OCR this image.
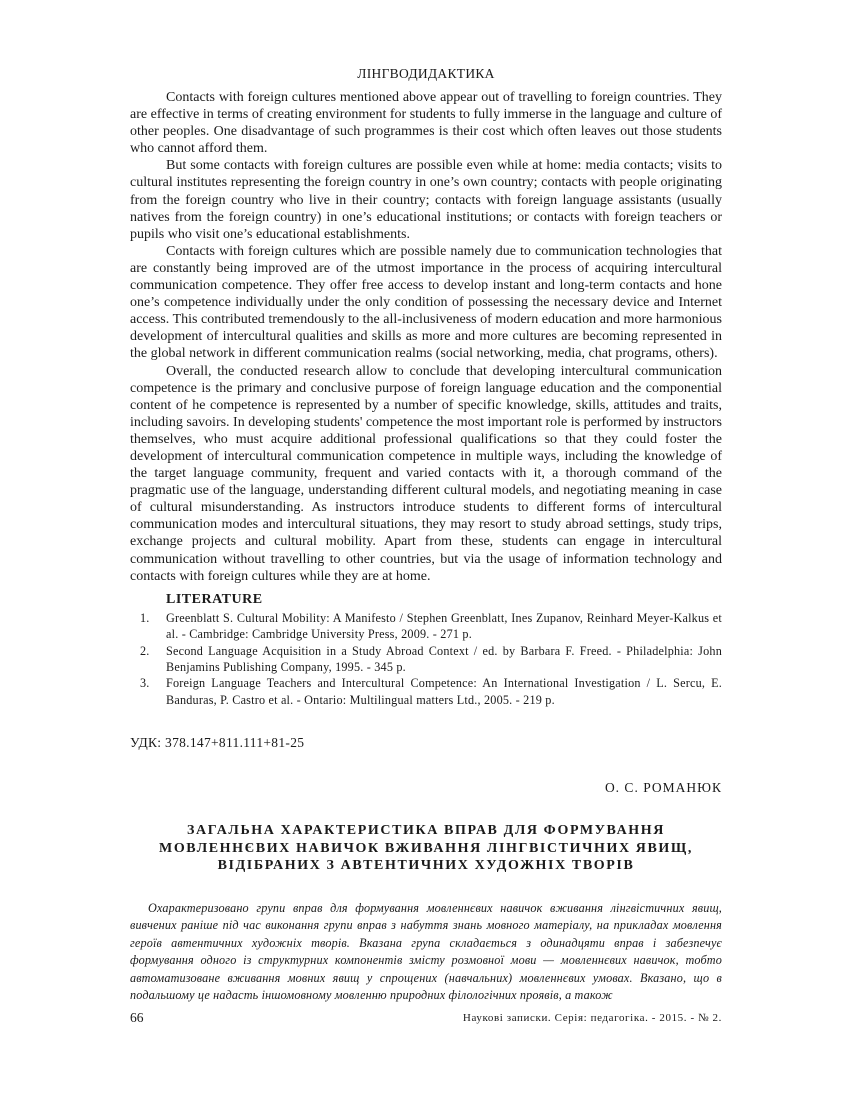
ЛІНГВОДИДАКТИКА

Contacts with foreign cultures mentioned above appear out of travelling to foreign countries. They are effective in terms of creating environment for students to fully immerse in the language and culture of other peoples. One disadvantage of such programmes is their cost which often leaves out those students who cannot afford them.

But some contacts with foreign cultures are possible even while at home: media contacts; visits to cultural institutes representing the foreign country in one’s own country; contacts with people originating from the foreign country who live in their country; contacts with foreign language assistants (usually natives from the foreign country) in one’s educational institutions; or contacts with foreign teachers or pupils who visit one’s educational establishments.

Contacts with foreign cultures which are possible namely due to communication technologies that are constantly being improved are of the utmost importance in the process of acquiring intercultural communication competence. They offer free access to develop instant and long-term contacts and hone one’s competence individually under the only condition of possessing the necessary device and Internet access. This contributed tremendously to the all-inclusiveness of modern education and more harmonious development of intercultural qualities and skills as more and more cultures are becoming represented in the global network in different communication realms (social networking, media, chat programs, others).

Overall, the conducted research allow to conclude that developing intercultural communication competence is the primary and conclusive purpose of foreign language education and the componential content of he competence is represented by a number of specific knowledge, skills, attitudes and traits, including savoirs. In developing students' competence the most important role is performed by instructors themselves, who must acquire additional professional qualifications so that they could foster the development of intercultural communication competence in multiple ways, including the knowledge of the target language community, frequent and varied contacts with it, a thorough command of the pragmatic use of the language, understanding different cultural models, and negotiating meaning in case of cultural misunderstanding. As instructors introduce students to different forms of intercultural communication modes and intercultural situations, they may resort to study abroad settings, study trips, exchange projects and cultural mobility. Apart from these, students can engage in intercultural communication without travelling to other countries, but via the usage of information technology and contacts with foreign cultures while they are at home.

LITERATURE
1. Greenblatt S. Cultural Mobility: A Manifesto / Stephen Greenblatt, Ines Zupanov, Reinhard Meyer-Kalkus et al. - Cambridge: Cambridge University Press, 2009. - 271 p.
2. Second Language Acquisition in a Study Abroad Context / ed. by Barbara F. Freed. - Philadelphia: John Benjamins Publishing Company, 1995. - 345 p.
3. Foreign Language Teachers and Intercultural Competence: An International Investigation / L. Sercu, E. Banduras, P. Castro et al. - Ontario: Multilingual matters Ltd., 2005. - 219 p.
УДК: 378.147+811.111+81-25
О. С. РОМАНЮК
ЗАГАЛЬНА ХАРАКТЕРИСТИКА ВПРАВ ДЛЯ ФОРМУВАННЯ
МОВЛЕННЄВИХ НАВИЧОК ВЖИВАННЯ ЛІНГВІСТИЧНИХ ЯВИЩ,
ВІДІБРАНИХ З АВТЕНТИЧНИХ ХУДОЖНІХ ТВОРІВ
Охарактеризовано групи вправ для формування мовленнєвих навичок вживання лінгвістичних явищ, вивчених раніше під час виконання групи вправ з набуття знань мовного матеріалу, на прикладах мовлення героїв автентичних художніх творів. Вказана група складається з одинадцяти вправ і забезпечує формування одного із структурних компонентів змісту розмовної мови — мовленнєвих навичок, тобто автоматизоване вживання мовних явищ у спрощених (навчальних) мовленнєвих умовах. Вказано, що в подальшому це надасть іншомовному мовленню природних філологічних проявів, а також
66	Наукові записки. Серія: педагогіка. - 2015. - № 2.
